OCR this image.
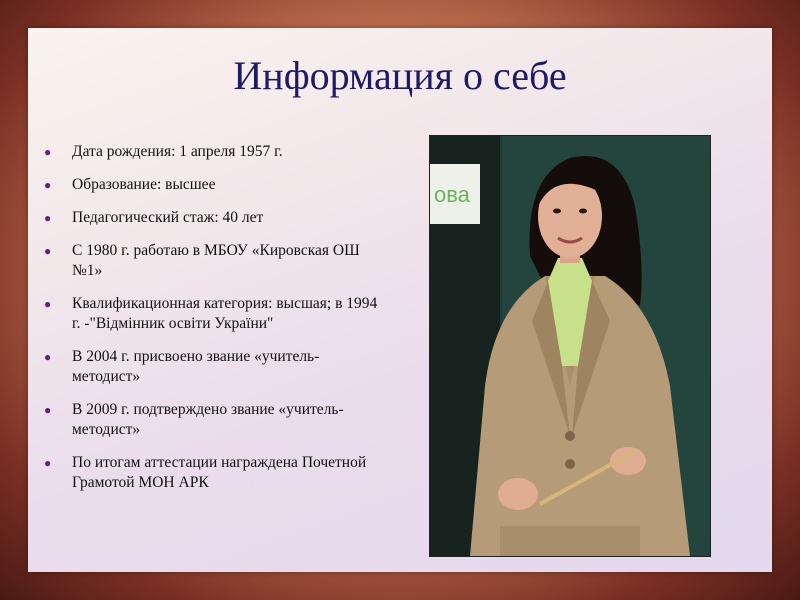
Информация о себе
● Дата рождения: 1 апреля 1957 г.
● Образование: высшее
● Педагогический стаж: 40 лет
● С 1980 г. работаю в МБОУ «Кировская ОШ №1»
● Квалификационная категория: высшая; в 1994 г. -"Відмінник освіти України"
● В 2004 г. присвоено звание «учитель-методист»
● В 2009 г. подтверждено звание «учитель-методист»
● По итогам аттестации награждена Почетной Грамотой МОН АРК
ова
